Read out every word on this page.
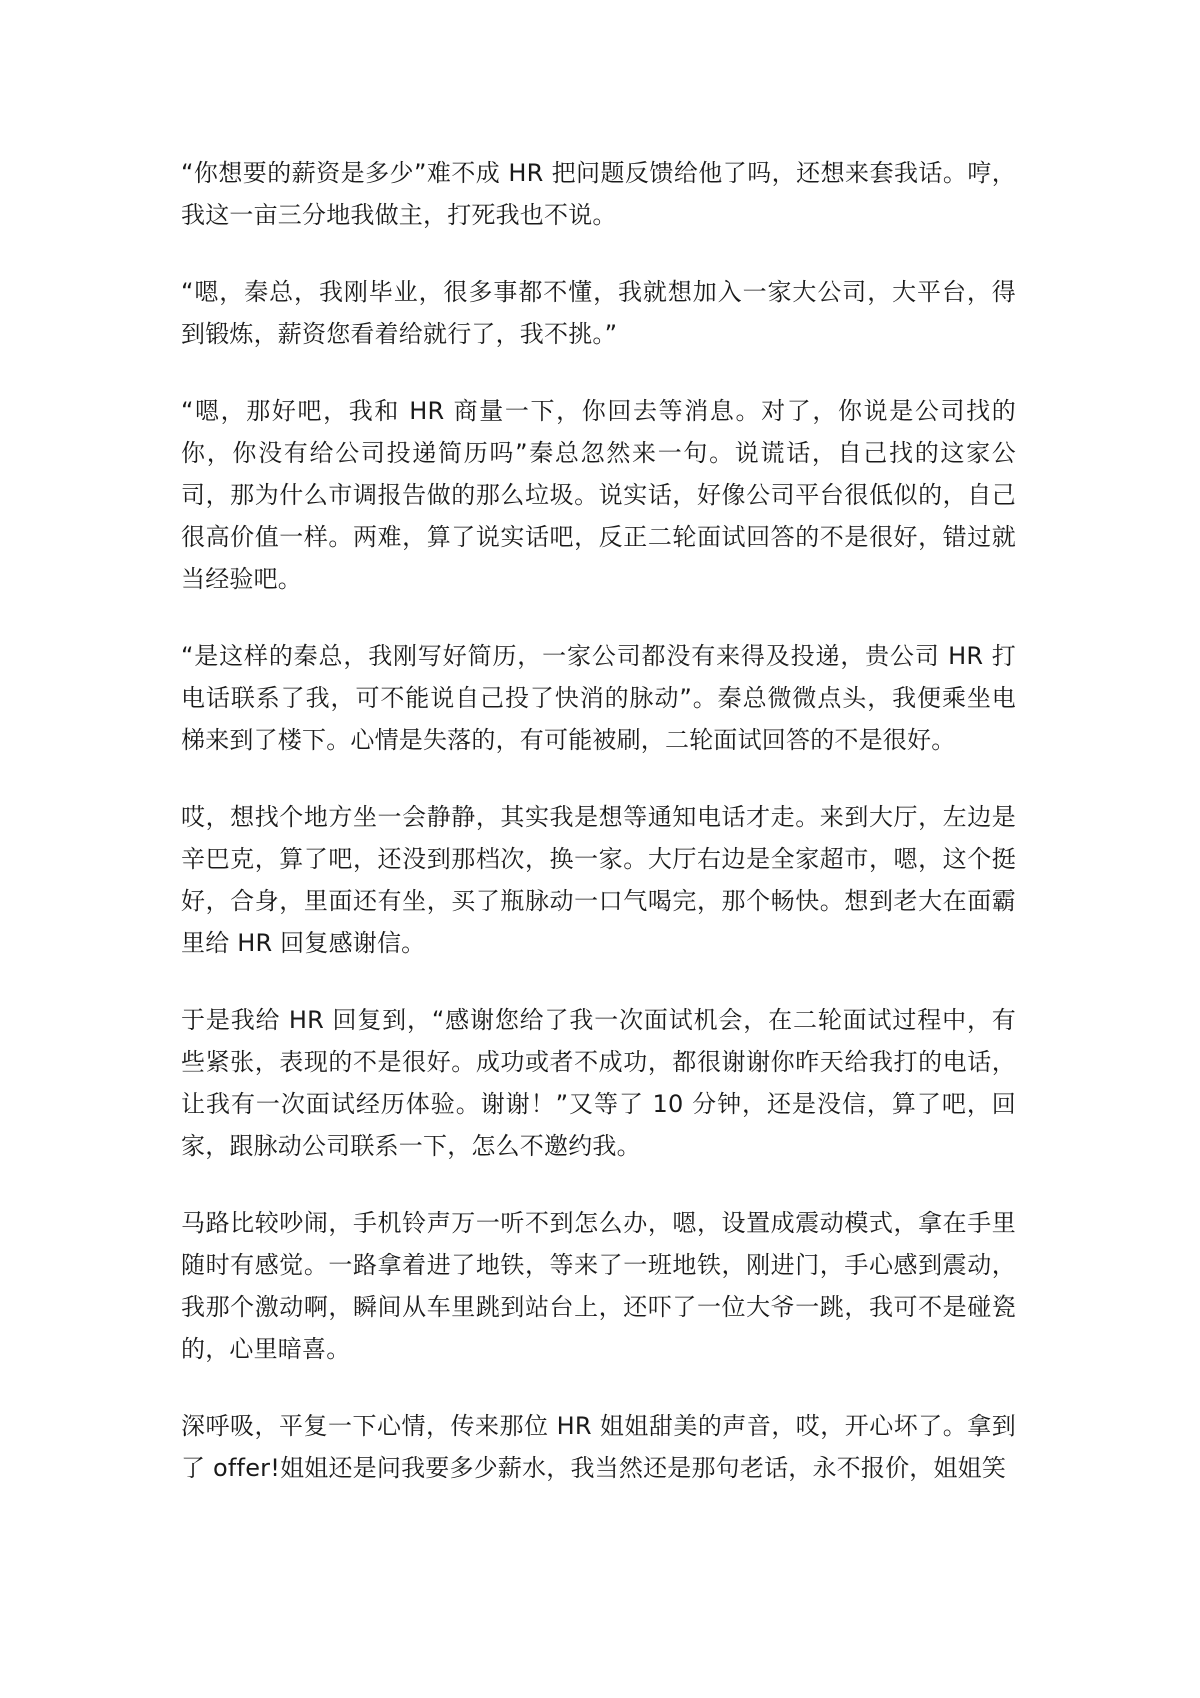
“你想要的薪资是多少”难不成 HR 把问题反馈给他了吗，还想来套我话。哼，我这一亩三分地我做主，打死我也不说。

“嗯，秦总，我刚毕业，很多事都不懂，我就想加入一家大公司，大平台，得到锻炼，薪资您看着给就行了，我不挑。”

“嗯，那好吧，我和 HR 商量一下，你回去等消息。对了，你说是公司找的你，你没有给公司投递简历吗”秦总忽然来一句。说谎话，自己找的这家公司，那为什么市调报告做的那么垃圾。说实话，好像公司平台很低似的，自己很高价值一样。两难，算了说实话吧，反正二轮面试回答的不是很好，错过就当经验吧。

“是这样的秦总，我刚写好简历，一家公司都没有来得及投递，贵公司 HR 打电话联系了我，可不能说自己投了快消的脉动”。秦总微微点头，我便乘坐电梯来到了楼下。心情是失落的，有可能被刷，二轮面试回答的不是很好。

哎，想找个地方坐一会静静，其实我是想等通知电话才走。来到大厅，左边是辛巴克，算了吧，还没到那档次，换一家。大厅右边是全家超市，嗯，这个挺好，合身，里面还有坐，买了瓶脉动一口气喝完，那个畅快。想到老大在面霸里给 HR 回复感谢信。

于是我给 HR 回复到，“感谢您给了我一次面试机会，在二轮面试过程中，有些紧张，表现的不是很好。成功或者不成功，都很谢谢你昨天给我打的电话，让我有一次面试经历体验。谢谢！”又等了 10 分钟，还是没信，算了吧，回家，跟脉动公司联系一下，怎么不邀约我。

马路比较吵闹，手机铃声万一听不到怎么办，嗯，设置成震动模式，拿在手里随时有感觉。一路拿着进了地铁，等来了一班地铁，刚进门，手心感到震动，我那个激动啊，瞬间从车里跳到站台上，还吓了一位大爷一跳，我可不是碰瓷的，心里暗喜。

深呼吸，平复一下心情，传来那位 HR 姐姐甜美的声音，哎，开心坏了。拿到了 offer!姐姐还是问我要多少薪水，我当然还是那句老话，永不报价，姐姐笑
